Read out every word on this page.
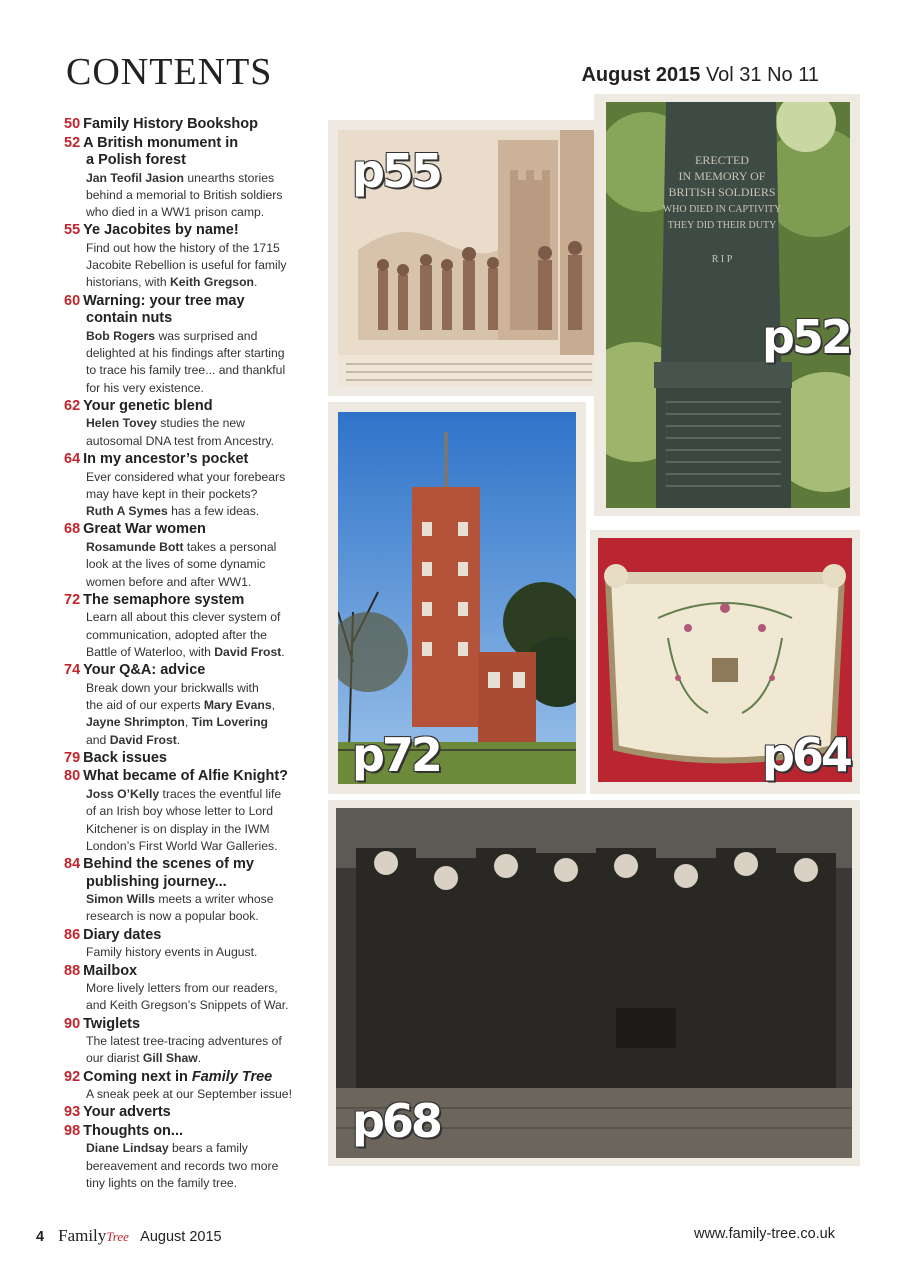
CONTENTS	August 2015 Vol 31 No 11
50 Family History Bookshop
52 A British monument in
a Polish forest
Jan Teofil Jasion unearths stories
behind a memorial to British soldiers
who died in a WW1 prison camp.
55 Ye Jacobites by name!
Find out how the history of the 1715
Jacobite Rebellion is useful for family
historians, with Keith Gregson.
60 Warning: your tree may
contain nuts
Bob Rogers was surprised and
delighted at his findings after starting
to trace his family tree... and thankful
for his very existence.
62 Your genetic blend
Helen Tovey studies the new
autosomal DNA test from Ancestry.
64 In my ancestor’s pocket
Ever considered what your forebears
may have kept in their pockets?
Ruth A Symes has a few ideas.
68 Great War women
Rosamunde Bott takes a personal
look at the lives of some dynamic
women before and after WW1.
72 The semaphore system
Learn all about this clever system of
communication, adopted after the
Battle of Waterloo, with David Frost.
74 Your Q&A: advice
Break down your brickwalls with
the aid of our experts Mary Evans,
Jayne Shrimpton, Tim Lovering
and David Frost.
79 Back issues
80 What became of Alfie Knight?
Joss O’Kelly traces the eventful life
of an Irish boy whose letter to Lord
Kitchener is on display in the IWM
London’s First World War Galleries.
84 Behind the scenes of my
publishing journey...
Simon Wills meets a writer whose
research is now a popular book.
86 Diary dates
Family history events in August.
88 Mailbox
More lively letters from our readers,
and Keith Gregson’s Snippets of War.
90 Twiglets
The latest tree-tracing adventures of
our diarist Gill Shaw.
92 Coming next in Family Tree
A sneak peek at our September issue!
93 Your adverts
98 Thoughts on...
Diane Lindsay bears a family
bereavement and records two more
tiny lights on the family tree.
p55	ERECTED
IN MEMORY OF
BRITISH SOLDIERS
WHO DIED IN CAPTIVITY
THEY DID THEIR DUTY
R I P
p52
p72	p64
p68
4 FamilyTree August 2015	www.family-tree.co.uk
